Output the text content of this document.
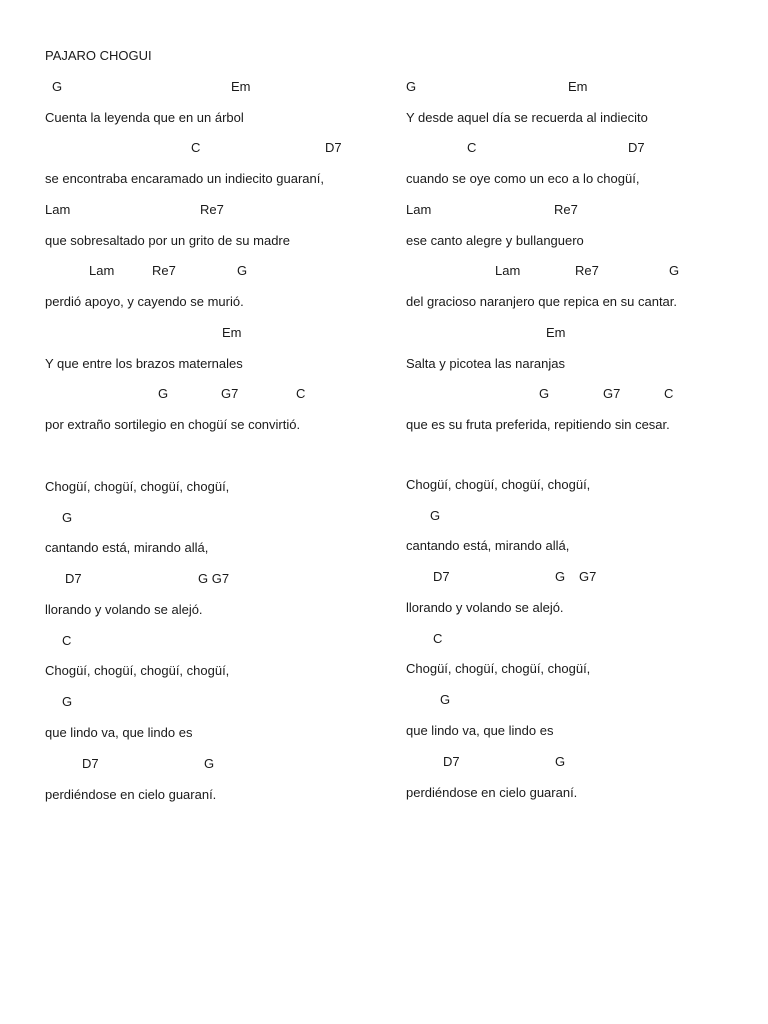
PAJARO CHOGUI
G	Em
Cuenta la leyenda que en un árbol
C	D7
se encontraba encaramado un indiecito guaraní,
Lam	Re7
que sobresaltado por un grito de su madre
Lam	Re7	G
perdió apoyo, y cayendo se murió.
Em
Y que entre los brazos maternales
G	G7	C
por extraño sortilegio en chogüí se convirtió.
Chogüí, chogüí, chogüí, chogüí,
G
cantando está, mirando allá,
D7	G G7
llorando y volando se alejó.
C
Chogüí, chogüí, chogüí, chogüí,
G
que lindo va, que lindo es
D7	G
perdiéndose en cielo guaraní.
G	Em
Y desde aquel día se recuerda al indiecito
C	D7
cuando se oye como un eco a lo chogüí,
Lam	Re7
ese canto alegre y bullanguero
Lam	Re7	G
del gracioso naranjero que repica en su cantar.
Em
Salta y picotea las naranjas
G	G7	C
que es su fruta preferida, repitiendo sin cesar.
Chogüí, chogüí, chogüí, chogüí,
G
cantando está, mirando allá,
D7	G G7
llorando y volando se alejó.
C
Chogüí, chogüí, chogüí, chogüí,
G
que lindo va, que lindo es
D7	G
perdiéndose en cielo guaraní.
